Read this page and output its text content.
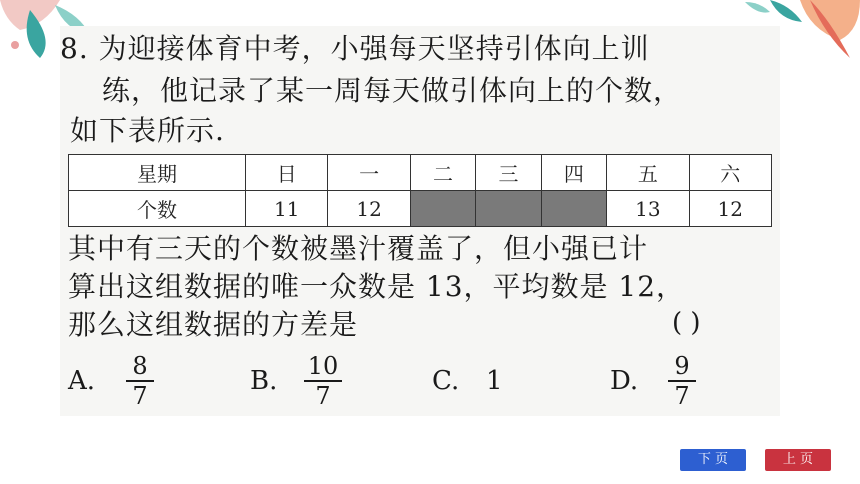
8. 为迎接体育中考，小强每天坚持引体向上训
练，他记录了某一周每天做引体向上的个数，
如下表所示.
星期	日	一	二	三	四	五	六
个数	11	12				13	12
其中有三天的个数被墨汁覆盖了，但小强已计
算出这组数据的唯一众数是 13，平均数是 12，
那么这组数据的方差是	( )
A. 8
7	B. 10
7	C. 1	D. 9
7
下 页	上 页
